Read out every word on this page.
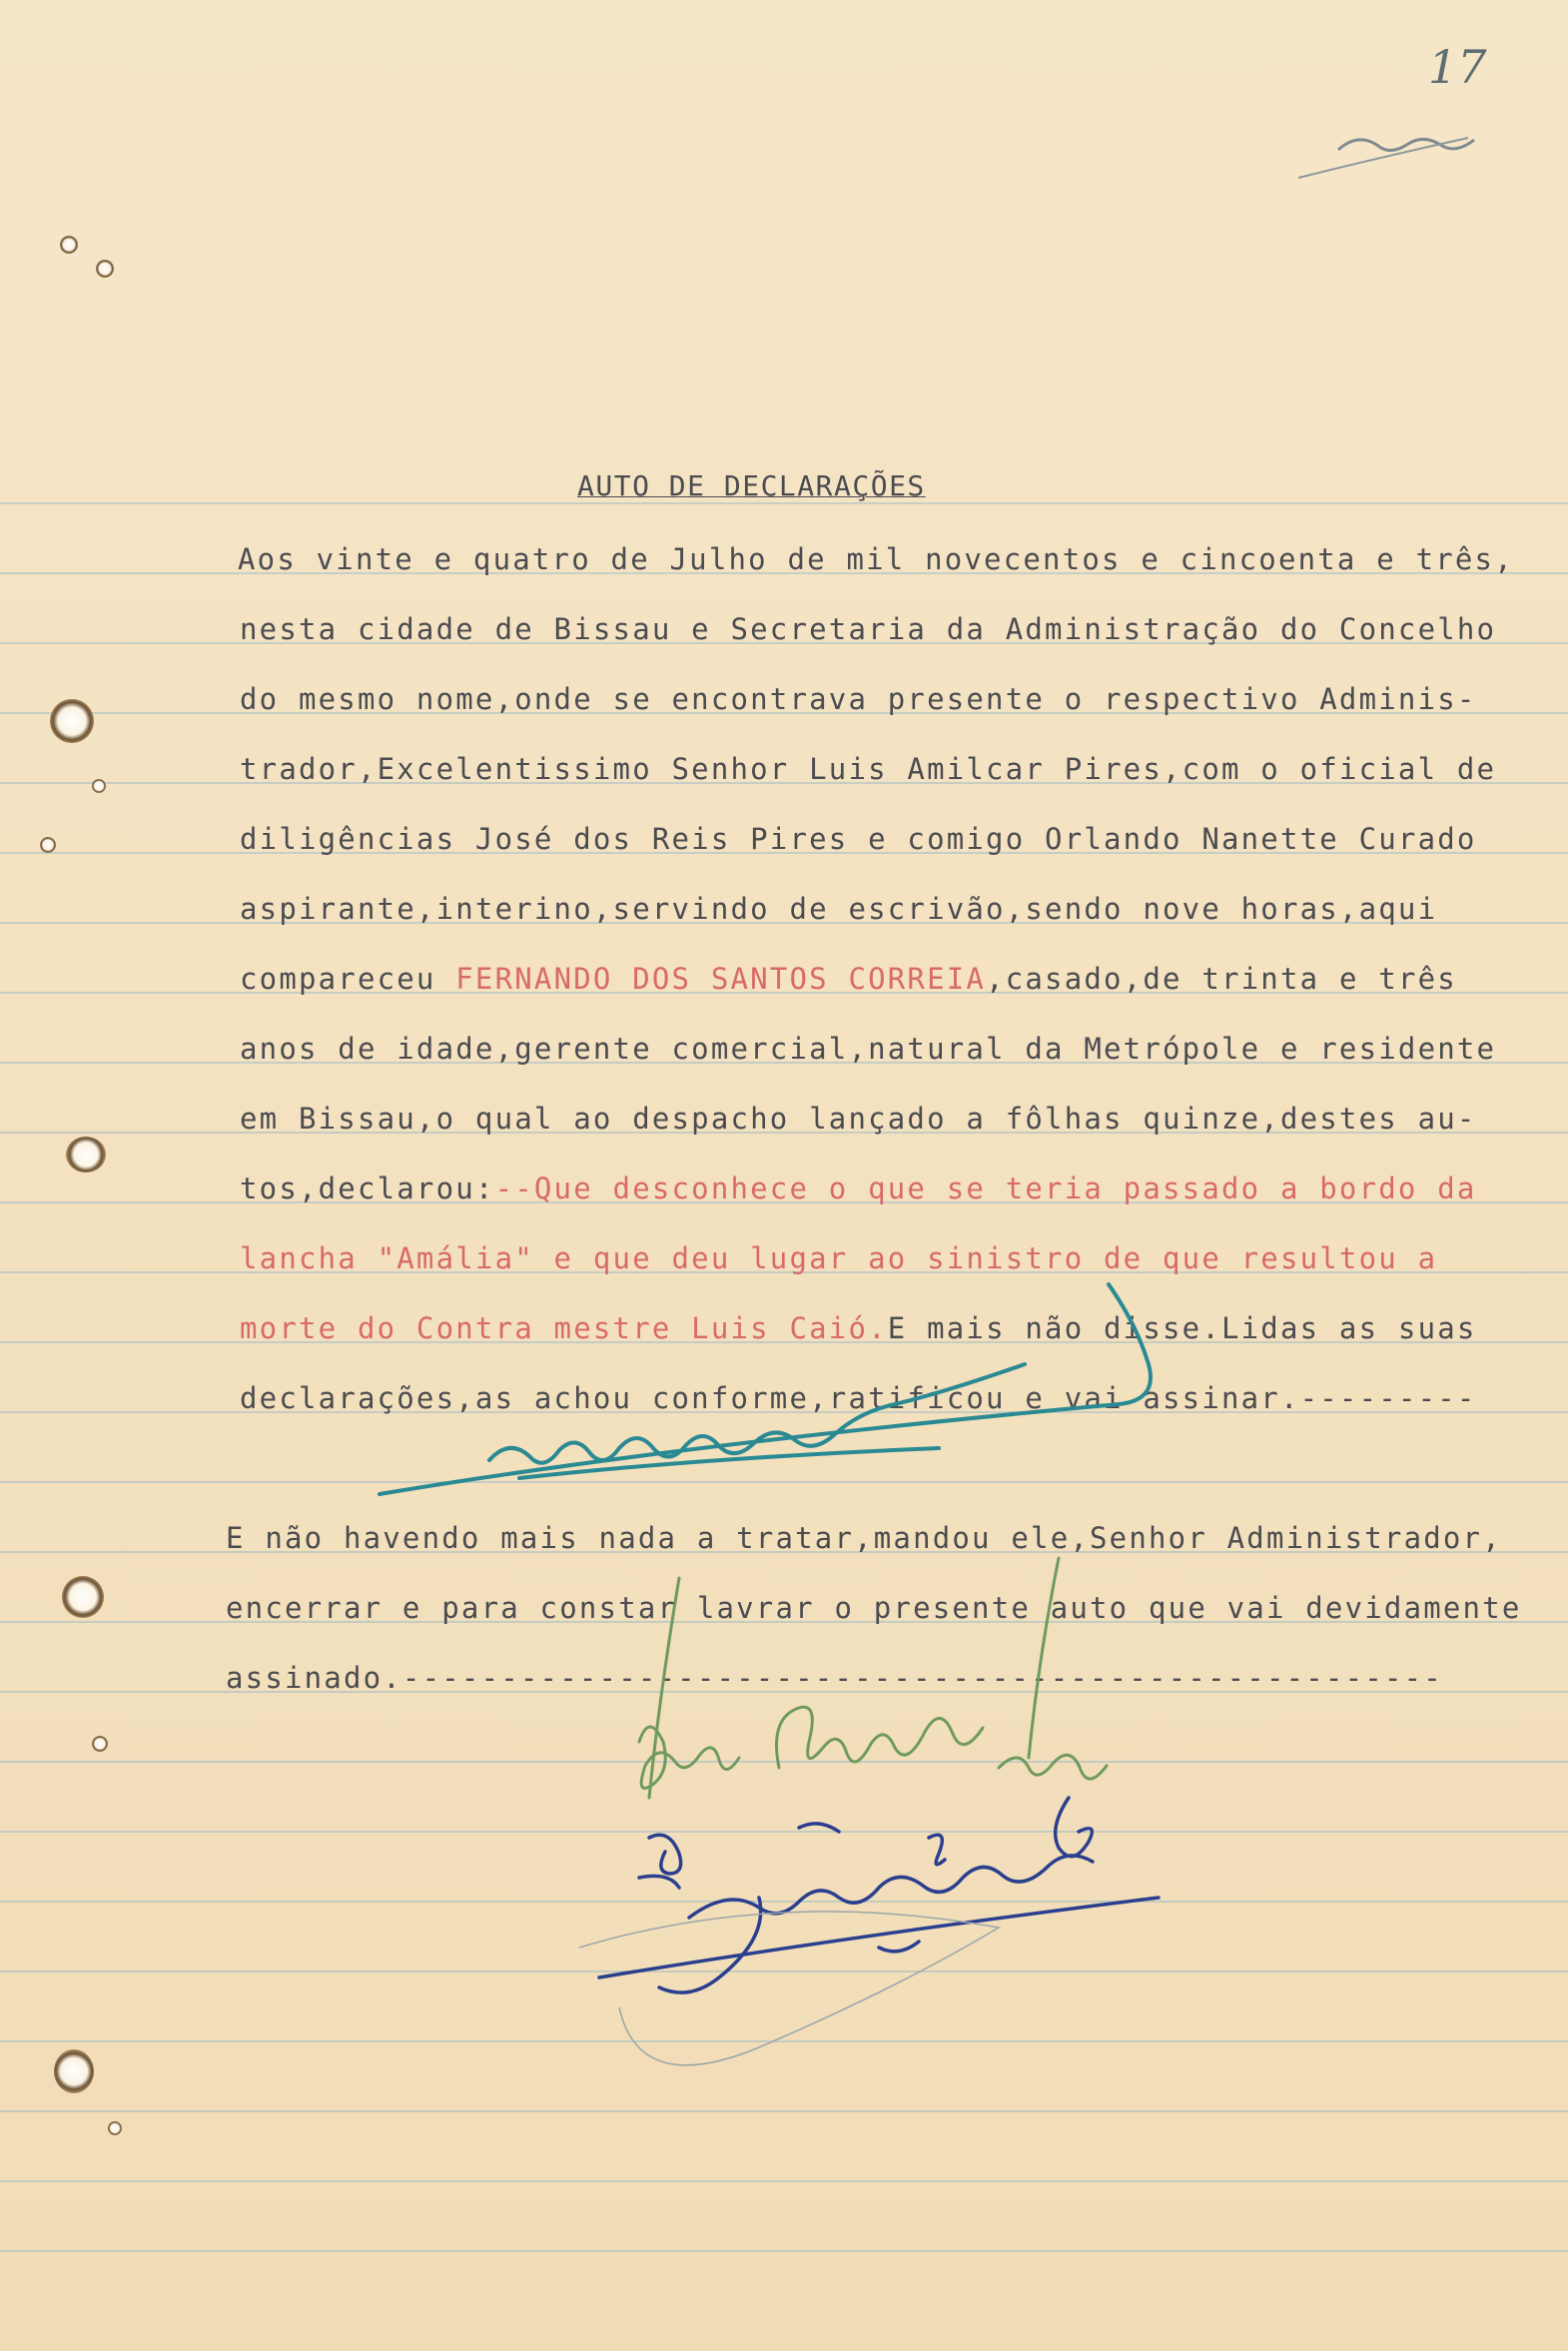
17

AUTO DE DECLARAÇÕES

Aos vinte e quatro de Julho de mil novecentos e cincoenta e três,

nesta cidade de Bissau e Secretaria da Administração do Concelho

do mesmo nome,onde se encontrava presente o respectivo Adminis-

trador,Excelentissimo Senhor Luis Amilcar Pires,com o oficial de

diligências José dos Reis Pires e comigo Orlando Nanette Curado

aspirante,interino,servindo de escrivão,sendo nove horas,aqui

compareceu FERNANDO DOS SANTOS CORREIA,casado,de trinta e três

anos de idade,gerente comercial,natural da Metrópole e residente

em Bissau,o qual ao despacho lançado a fôlhas quinze,destes au-

tos,declarou:--Que desconhece o que se teria passado a bordo da

lancha "Amália" e que deu lugar ao sinistro de que resultou a

morte do Contra mestre Luis Caió.E mais não disse.Lidas as suas

declarações,as achou conforme,ratificou e vai assinar.---------

E não havendo mais nada a tratar,mandou ele,Senhor Administrador,

encerrar e para constar lavrar o presente auto que vai devidamente

assinado.-----------------------------------------------------
